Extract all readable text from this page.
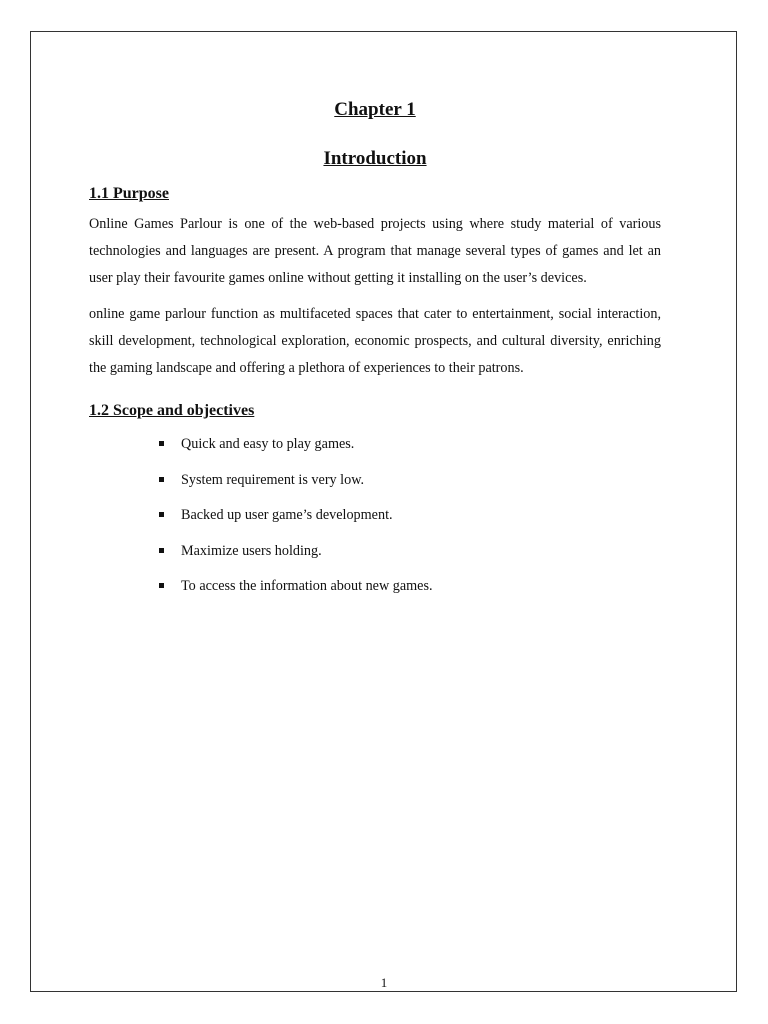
Chapter 1
Introduction
1.1 Purpose

Online Games Parlour is one of the web-based projects using where study material of various technologies and languages are present. A program that manage several types of games and let an user play their favourite games online without getting it installing on the user’s devices.

online game parlour function as multifaceted spaces that cater to entertainment, social interaction, skill development, technological exploration, economic prospects, and cultural diversity, enriching the gaming landscape and offering a plethora of experiences to their patrons.

1.2 Scope and objectives
Quick and easy to play games.
System requirement is very low.
Backed up user game’s development.
Maximize users holding.
To access the information about new games.
1
